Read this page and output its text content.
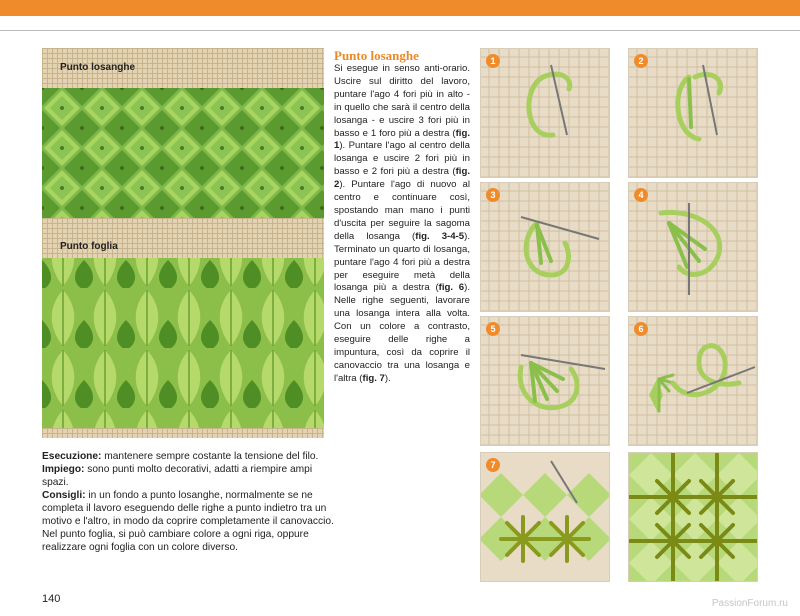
Punto losanghe
Punto foglia

Esecuzione: mantenere sempre costante la tensione del filo.

Impiego: sono punti molto decorativi, adatti a riempire ampi spazi.

Consigli: in un fondo a punto losanghe, normalmente se ne completa il lavoro eseguendo delle righe a punto indietro tra un motivo e l'altro, in modo da coprire completamente il canovaccio. Nel punto foglia, si può cambiare colore a ogni riga, oppure realizzare ogni foglia con un colore diverso.

Punto losanghe
Si esegue in senso anti-orario. Uscire sul diritto del lavoro, puntare l'ago 4 fori più in alto - in quello che sarà il centro della losanga - e uscire 3 fori più in basso e 1 foro più a destra (fig. 1). Puntare l'ago al centro della losanga e uscire 2 fori più in basso e 2 fori più a destra (fig. 2). Puntare l'ago di nuovo al centro e continuare così, spostando man mano i punti d'uscita per seguire la sagoma della losanga (fig. 3-4-5). Terminato un quarto di losanga, puntare l'ago 4 fori più a destra per eseguire metà della losanga più a destra (fig. 6). Nelle righe seguenti, lavorare una losanga intera alla volta. Con un colore a contrasto, eseguire delle righe a impuntura, così da coprire il canovaccio tra una losanga e l'altra (fig. 7).
1	2
3	4
5	6
7
140	PassionForum.ru
